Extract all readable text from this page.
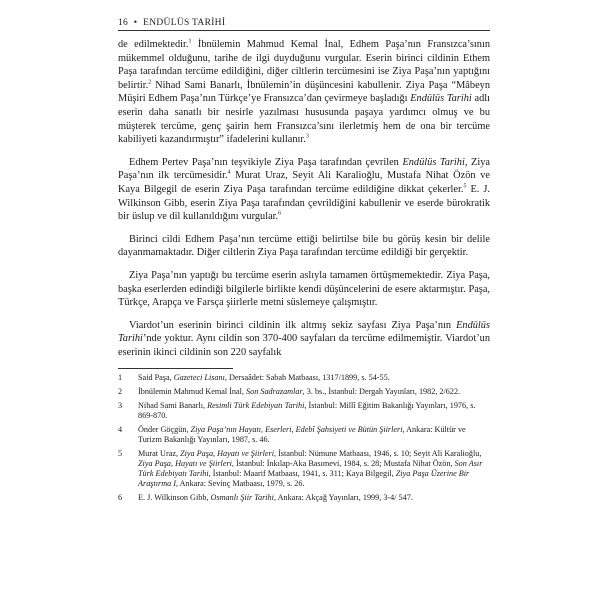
16 • ENDÜLÜS TARİHİ

de edilmektedir.$^1$ İbnülemin Mahmud Kemal İnal, Edhem Paşa’nın Fransızca’sının mükemmel olduğunu, tarihe de ilgi duyduğunu vurgular. Eserin birinci cildinin Ethem Paşa tarafından tercüme edildiğini, diğer ciltlerin tercümesini ise Ziya Paşa’nın yaptığını belirtir.$^2$ Nihad Sami Banarlı, İbnülemin’in düşüncesini kabullenir. Ziya Paşa “Mâbeyn Müşiri Edhem Paşa’nın Türkçe’ye Fransızca’dan çevirmeye başladığı Endülüs Tarihi adlı eserin daha sanatlı bir nesirle yazılması hususunda paşaya yardımcı olmuş ve bu müşterek tercüme, genç şairin hem Fransızca’sını ilerletmiş hem de ona bir tercüme kabiliyeti kazandırmıştır” ifadelerini kullanır.$^3$

Edhem Pertev Paşa’nın teşvikiyle Ziya Paşa tarafından çevrilen Endülüs Tarihi, Ziya Paşa’nın ilk tercümesidir.$^4$ Murat Uraz, Seyit Ali Karalioğlu, Mustafa Nihat Özön ve Kaya Bilgegil de eserin Ziya Paşa tarafından tercüme edildiğine dikkat çekerler.$^5$ E. J. Wilkinson Gibb, eserin Ziya Paşa tarafından çevrildiğini kabullenir ve eserde bürokratik bir üslup ve dil kullanıldığını vurgular.$^6$

Birinci cildi Edhem Paşa’nın tercüme ettiği belirtilse bile bu görüş kesin bir delile dayanmamaktadır. Diğer ciltlerin Ziya Paşa tarafından tercüme edildiği bir gerçektir.

Ziya Paşa’nın yaptığı bu tercüme eserin aslıyla tamamen örtüşmemektedir. Ziya Paşa, başka eserlerden edindiği bilgilerle birlikte kendi düşüncelerini de esere aktarmıştır. Paşa, Türkçe, Arapça ve Farsça şiirlerle metni süslemeye çalışmıştır.

Viardot’un eserinin birinci cildinin ilk altmış sekiz sayfası Ziya Paşa’nın Endülüs Tarihi’nde yoktur. Aynı cildin son 370-400 sayfaları da tercüme edilmemiştir. Viardot’un eserinin ikinci cildinin son 220 sayfalık

1	Said Paşa, Gazeteci Lisanı, Dersaâdet: Sabah Matbaası, 1317/1899, s. 54-55.
2	İbnülemin Mahmud Kemal İnal, Son Sadrazamlar, 3. bs., İstanbul: Dergah Yayınları, 1982, 2/622.
3	Nihad Sami Banarlı, Resimli Türk Edebiyatı Tarihi, İstanbul: Millî Eğitim Bakanlığı Yayınları, 1976, s. 869-870.
4	Önder Göçgün, Ziya Paşa’nın Hayatı, Eserleri, Edebî Şahsiyeti ve Bütün Şiirleri, Ankara: Kültür ve Turizm Bakanlığı Yayınları, 1987, s. 46.
5	Murat Uraz, Ziya Paşa, Hayatı ve Şiirleri, İstanbul: Nümune Matbaası, 1946, s. 10; Seyit Ali Karalioğlu, Ziya Paşa, Hayatı ve Şiirleri, İstanbul: İnkılap-Aka Basımevi, 1984, s. 28; Mustafa Nihat Özön, Son Asır Türk Edebiyatı Tarihi, İstanbul: Maarif Matbaası, 1941, s. 311; Kaya Bilgegil, Ziya Paşa Üzerine Bir Araştırma I, Ankara: Sevinç Matbaası, 1979, s. 26.
6	E. J. Wilkinson Gibb, Osmanlı Şiir Tarihi, Ankara: Akçağ Yayınları, 1999, 3-4/ 547.
